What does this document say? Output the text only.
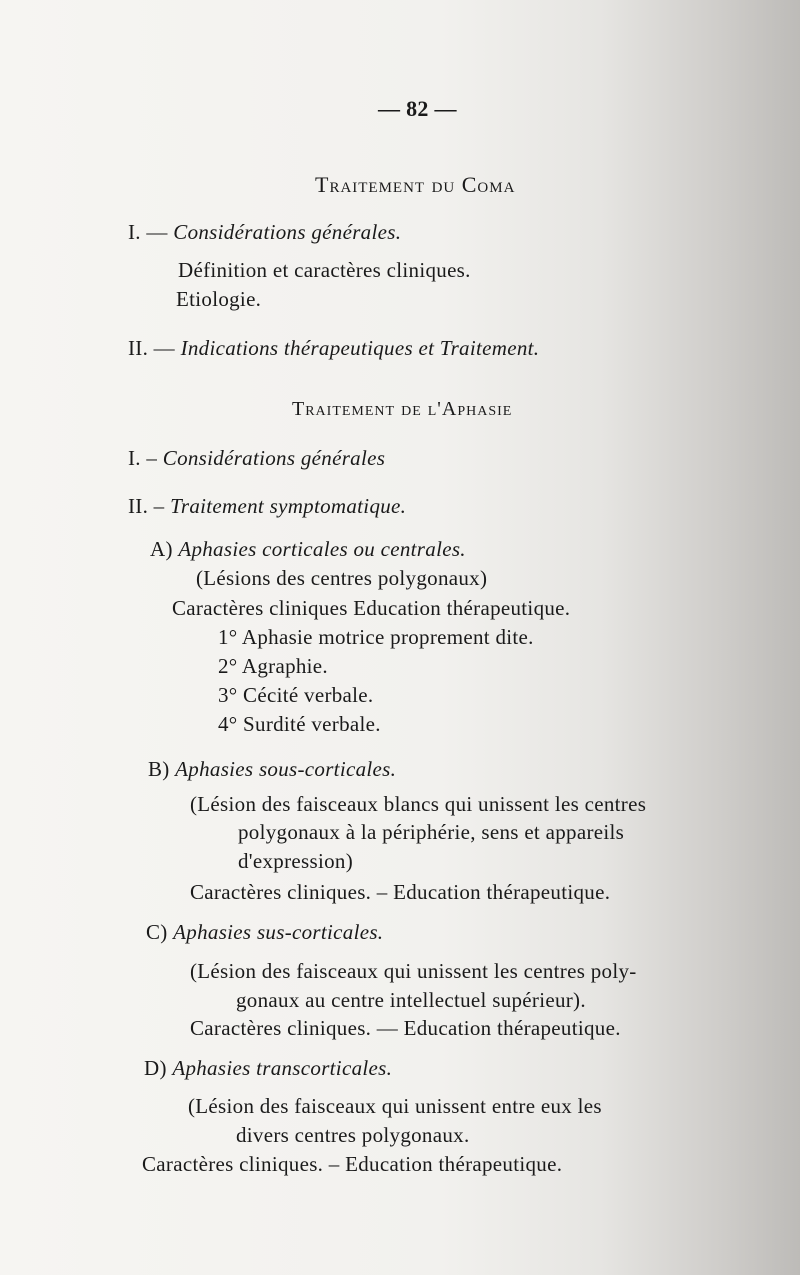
— 82 —
Traitement du Coma
I. — Considérations générales.
Définition et caractères cliniques.
Etiologie.
II. — Indications thérapeutiques et Traitement.
Traitement de l'Aphasie
I. – Considérations générales
II. – Traitement symptomatique.
A) Aphasies corticales ou centrales.
(Lésions des centres polygonaux)
Caractères cliniques Education thérapeutique.
1° Aphasie motrice proprement dite.
2° Agraphie.
3° Cécité verbale.
4° Surdité verbale.
B) Aphasies sous-corticales.
(Lésion des faisceaux blancs qui unissent les centres
polygonaux à la périphérie, sens et appareils
d'expression)
Caractères cliniques. – Education thérapeutique.
C) Aphasies sus-corticales.
(Lésion des faisceaux qui unissent les centres poly-
gonaux au centre intellectuel supérieur).
Caractères cliniques. — Education thérapeutique.
D) Aphasies transcorticales.
(Lésion des faisceaux qui unissent entre eux les
divers centres polygonaux.
Caractères cliniques. – Education thérapeutique.
